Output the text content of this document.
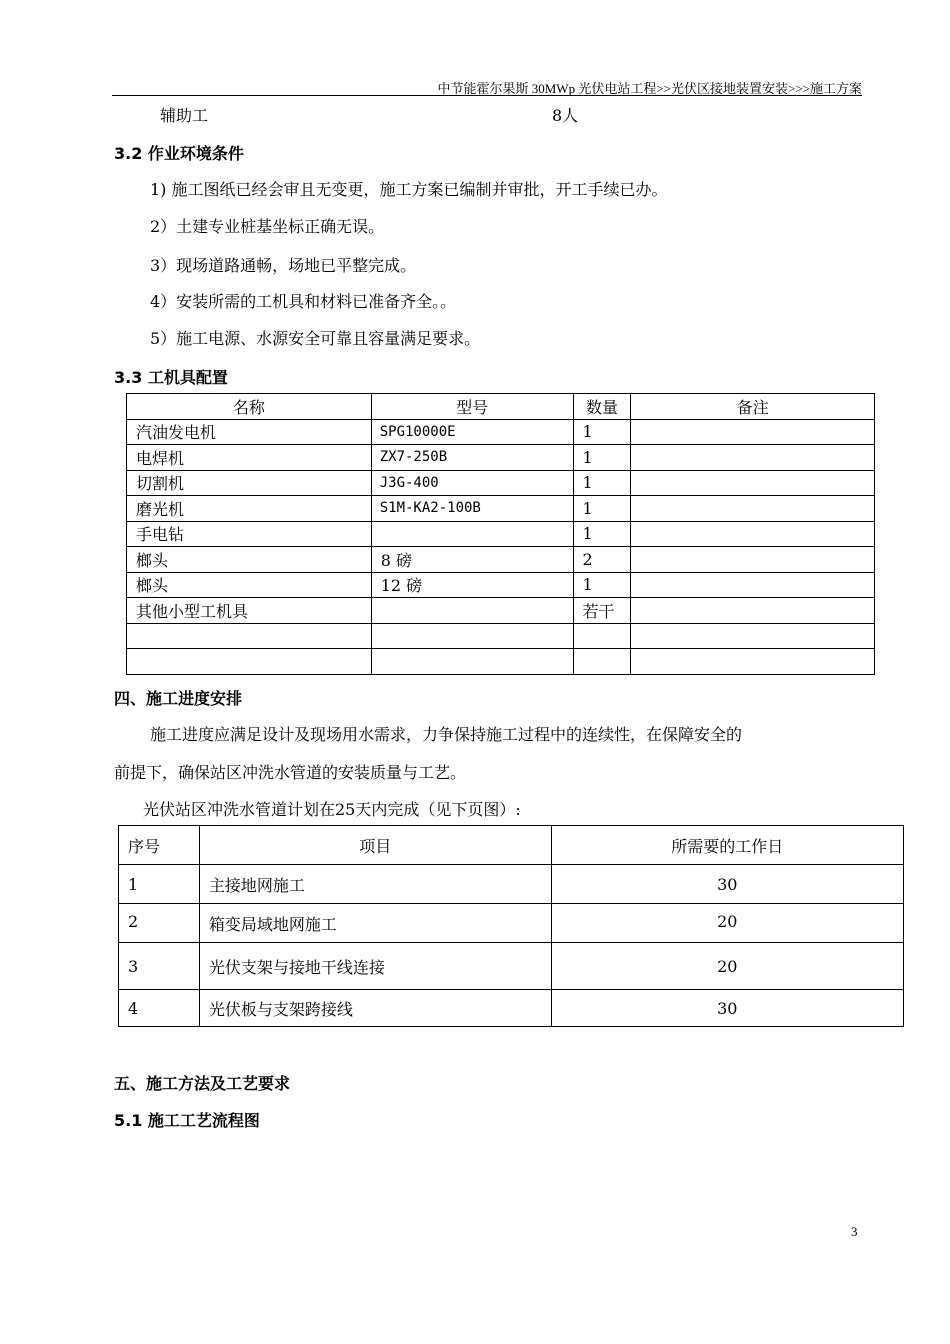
中节能霍尔果斯 30MWp 光伏电站工程>>光伏区接地装置安装>>>施工方案
辅助工	8人
3.2 作业环境条件
1) 施工图纸已经会审且无变更，施工方案已编制并审批，开工手续已办。
2）土建专业桩基坐标正确无误。
3）现场道路通畅，场地已平整完成。
4）安装所需的工机具和材料已准备齐全。。
5）施工电源、水源安全可靠且容量满足要求。
3.3 工机具配置
名称	型号	数量	备注
汽油发电机	SPG10000E	1	
电焊机	ZX7-250B	1	
切割机	J3G-400	1	
磨光机	S1M-KA2-100B	1	
手电钻		1	
榔头	8 磅	2	
榔头	12 磅	1	
其他小型工机具		若干	

四、施工进度安排
施工进度应满足设计及现场用水需求，力争保持施工过程中的连续性，在保障安全的
前提下，确保站区冲洗水管道的安装质量与工艺。
光伏站区冲洗水管道计划在25天内完成（见下页图）:
序号	项目	所需要的工作日
1	主接地网施工	30
2	箱变局域地网施工	20
3	光伏支架与接地干线连接	20
4	光伏板与支架跨接线	30
五、施工方法及工艺要求
5.1 施工工艺流程图
3
